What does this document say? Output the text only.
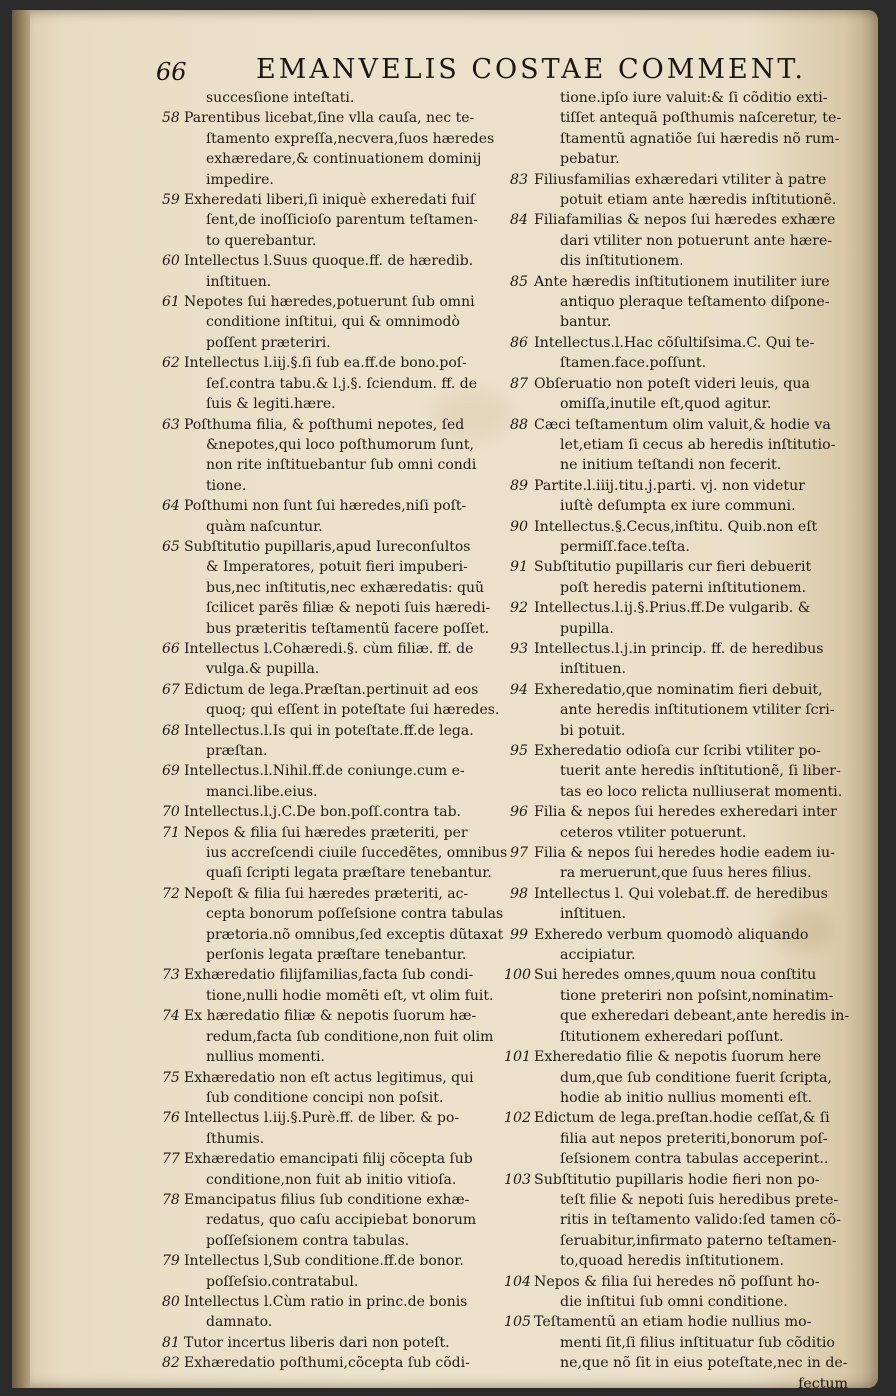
66	EMANVELIS COSTAE COMMENT.
succesſione inteſtati.
58 Parentibus licebat,ſine vlla cauſa, nec te-
ſtamento expreſſa,necvera,ſuos hæredes
exhæredare,& continuationem dominij
impedire.
59 Exheredati liberi,ſi iniquè exheredati fuiſ
ſent,de inoſſicioſo parentum teſtamen-
to querebantur.
60 Intellectus l.Suus quoque.ff. de hæredib.
inſtituen.
61 Nepotes ſui hæredes,potuerunt ſub omni
conditione inſtitui, qui & omnimodò
poſſent præteriri.
62 Intellectus l.iij.§.ſi ſub ea.ff.de bono.poſ-
ſeſ.contra tabu.& l.j.§. ſciendum. ff. de
ſuis & legiti.hære.
63 Poſthuma filia, & poſthumi nepotes, ſed
&nepotes,qui loco poſthumorum ſunt,
non rite inſtituebantur ſub omni condi
tione.
64 Poſthumi non ſunt ſui hæredes,niſi poſt-
quàm naſcuntur.
65 Subſtitutio pupillaris,apud Iureconſultos
& Imperatores, potuit fieri impuberi-
bus,nec inſtitutis,nec exhæredatis: quũ
ſcilicet parẽs filiæ & nepoti ſuis hæredi-
bus præteritis teſtamentũ facere poſſet.
66 Intellectus l.Cohæredi.§. cùm filiæ. ff. de
vulga.& pupilla.
67 Edictum de lega.Præſtan.pertinuit ad eos
quoq; qui eſſent in poteſtate ſui hæredes.
68 Intellectus.l.Is qui in poteſtate.ff.de lega.
præſtan.
69 Intellectus.l.Nihil.ff.de coniunge.cum e-
manci.libe.eius.
70 Intellectus.l.j.C.De bon.poſſ.contra tab.
71 Nepos & filia ſui hæredes præteriti, per
ius accreſcendi ciuile ſuccedẽtes, omnibus
quaſi ſcripti legata præſtare tenebantur.
72 Nepoſt & filia ſui hæredes præteriti, ac-
cepta bonorum poſſeſsione contra tabulas
prætoria.nõ omnibus,ſed exceptis dũtaxat
perſonis legata præſtare tenebantur.
73 Exhæredatio filijfamilias,facta ſub condi-
tione,nulli hodie momẽti eſt, vt olim fuit.
74 Ex hæredatio filiæ & nepotis ſuorum hæ-
redum,facta ſub conditione,non fuit olim
nullius momenti.
75 Exhæredatio non eſt actus legitimus, qui
ſub conditione concipi non poſsit.
76 Intellectus l.iij.§.Purè.ff. de liber. & po-
ſthumis.
77 Exhæredatio emancipati filij cõcepta ſub
conditione,non fuit ab initio vitioſa.
78 Emancipatus filius ſub conditione exhæ-
redatus, quo caſu accipiebat bonorum
poſſeſsionem contra tabulas.
79 Intellectus l,Sub conditione.ff.de bonor.
poſſeſsio.contratabul.
80 Intellectus l.Cùm ratio in princ.de bonis
damnato.
81 Tutor incertus liberis dari non poteſt.
82 Exhæredatio poſthumi,cõcepta ſub cõdi-
tione.ipſo iure valuit:& ſi cõditio exti-
tiſſet antequã poſthumis naſceretur, te-
ſtamentũ agnatiõe ſui hæredis nõ rum-
pebatur.
83 Filiusfamilias exhæredari vtiliter à patre
potuit etiam ante hæredis inſtitutionẽ.
84 Filiafamilias & nepos ſui hæredes exhære
dari vtiliter non potuerunt ante hære-
dis inſtitutionem.
85 Ante hæredis inſtitutionem inutiliter iure
antiquo pleraque teſtamento diſpone-
bantur.
86 Intellectus.l.Hac cõſultiſsima.C. Qui te-
ſtamen.face.poſſunt.
87 Obſeruatio non poteſt videri leuis, qua
omiſſa,inutile eſt,quod agitur.
88 Cæci teſtamentum olim valuit,& hodie va
let,etiam ſi cecus ab heredis inſtitutio-
ne initium teſtandi non fecerit.
89 Partite.l.iiij.titu.j.parti. vj. non videtur
iuſtè deſumpta ex iure communi.
90 Intellectus.§.Cecus,inſtitu. Quib.non eſt
permiſſ.face.teſta.
91 Subſtitutio pupillaris cur fieri debuerit
poſt heredis paterni inſtitutionem.
92 Intellectus.l.ij.§.Prius.ff.De vulgarib. &
pupilla.
93 Intellectus.l.j.in princip. ff. de heredibus
inſtituen.
94 Exheredatio,que nominatim fieri debuit,
ante heredis inſtitutionem vtiliter ſcri-
bi potuit.
95 Exheredatio odioſa cur ſcribi vtiliter po-
tuerit ante heredis inſtitutionẽ, ſi liber-
tas eo loco relicta nulliuserat momenti.
96 Filia & nepos ſui heredes exheredari inter
ceteros vtiliter potuerunt.
97 Filia & nepos ſui heredes hodie eadem iu-
ra meruerunt,que ſuus heres filius.
98 Intellectus l. Qui volebat.ff. de heredibus
inſtituen.
99 Exheredo verbum quomodò aliquando
accipiatur.
100 Sui heredes omnes,quum noua conſtitu
tione preteriri non poſsint,nominatim-
que exheredari debeant,ante heredis in-
ſtitutionem exheredari poſſunt.
101 Exheredatio filie & nepotis ſuorum here
dum,que ſub conditione fuerit ſcripta,
hodie ab initio nullius momenti eſt.
102 Edictum de lega.preſtan.hodie ceſſat,& ſi
filia aut nepos preteriti,bonorum poſ-
ſeſsionem contra tabulas acceperint..
103 Subſtitutio pupillaris hodie fieri non po-
teſt filie & nepoti ſuis heredibus prete-
ritis in teſtamento valido:ſed tamen cõ-
ſeruabitur,infirmato paterno teſtamen-
to,quoad heredis inſtitutionem.
104 Nepos & filia ſui heredes nõ poſſunt ho-
die inſtitui ſub omni conditione.
105 Teſtamentũ an etiam hodie nullius mo-
menti ſit,ſi filius inſtituatur ſub cõditio
ne,que nõ ſit in eius poteſtate,nec in de-
fectum
